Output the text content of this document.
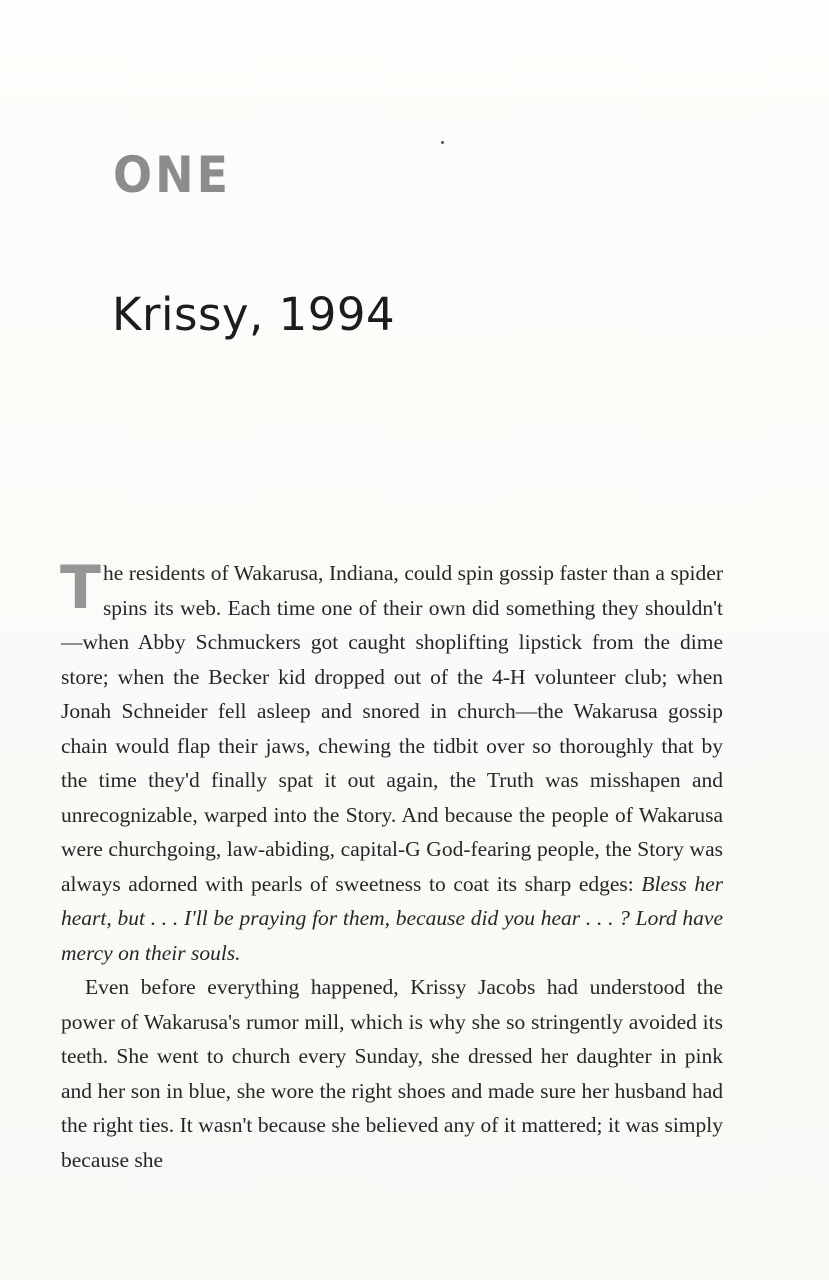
ONE
Krissy, 1994

The residents of Wakarusa, Indiana, could spin gossip faster than a spider spins its web. Each time one of their own did something they shouldn't—when Abby Schmuckers got caught shoplifting lipstick from the dime store; when the Becker kid dropped out of the 4-H volunteer club; when Jonah Schneider fell asleep and snored in church—the Wakarusa gossip chain would flap their jaws, chewing the tidbit over so thoroughly that by the time they'd finally spat it out again, the Truth was misshapen and unrecognizable, warped into the Story. And because the people of Wakarusa were churchgoing, law-abiding, capital-G God-fearing people, the Story was always adorned with pearls of sweetness to coat its sharp edges: Bless her heart, but . . . I'll be praying for them, because did you hear . . . ? Lord have mercy on their souls.

Even before everything happened, Krissy Jacobs had understood the power of Wakarusa's rumor mill, which is why she so stringently avoided its teeth. She went to church every Sunday, she dressed her daughter in pink and her son in blue, she wore the right shoes and made sure her husband had the right ties. It wasn't because she believed any of it mattered; it was simply because she
